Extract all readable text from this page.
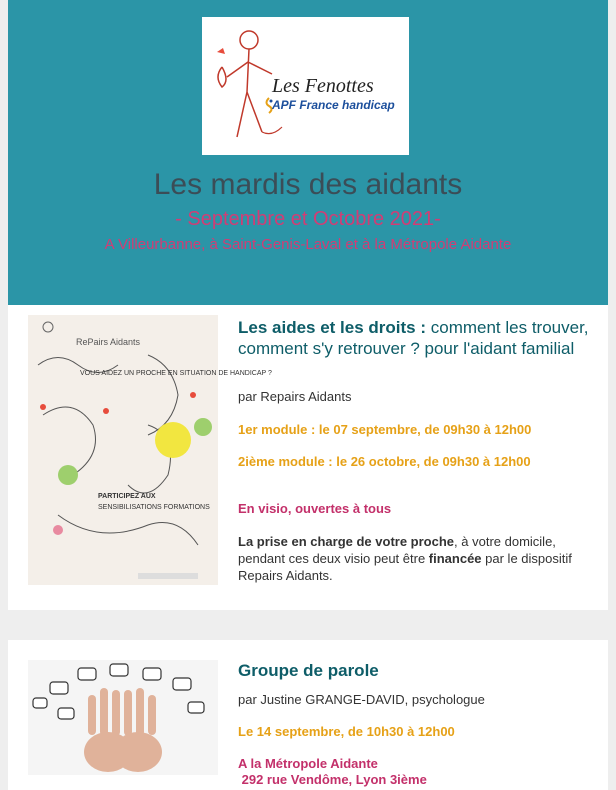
Les Fenottes
APF France handicap
Les mardis des aidants
- Septembre et Octobre 2021-
A Villeurbanne, à Saint-Genis-Laval et à la Métropole Aidante
RePairs Aidants
VOUS AIDEZ UN PROCHE EN SITUATION DE HANDICAP ?
PARTICIPEZ AUX
SENSIBILISATIONS FORMATIONS
Les aides et les droits : comment les trouver, comment s'y retrouver ? pour l'aidant familial
par Repairs Aidants
1er module : le 07 septembre, de 09h30 à 12h00
2ième module : le 26 octobre, de 09h30 à 12h00
En visio, ouvertes à tous
La prise en charge de votre proche, à votre domicile, pendant ces deux visio peut être financée par le dispositif Repairs Aidants.
Groupe de parole
par Justine GRANGE-DAVID, psychologue
Le 14 septembre, de 10h30 à 12h00
A la Métropole Aidante
292 rue Vendôme, Lyon 3ième
